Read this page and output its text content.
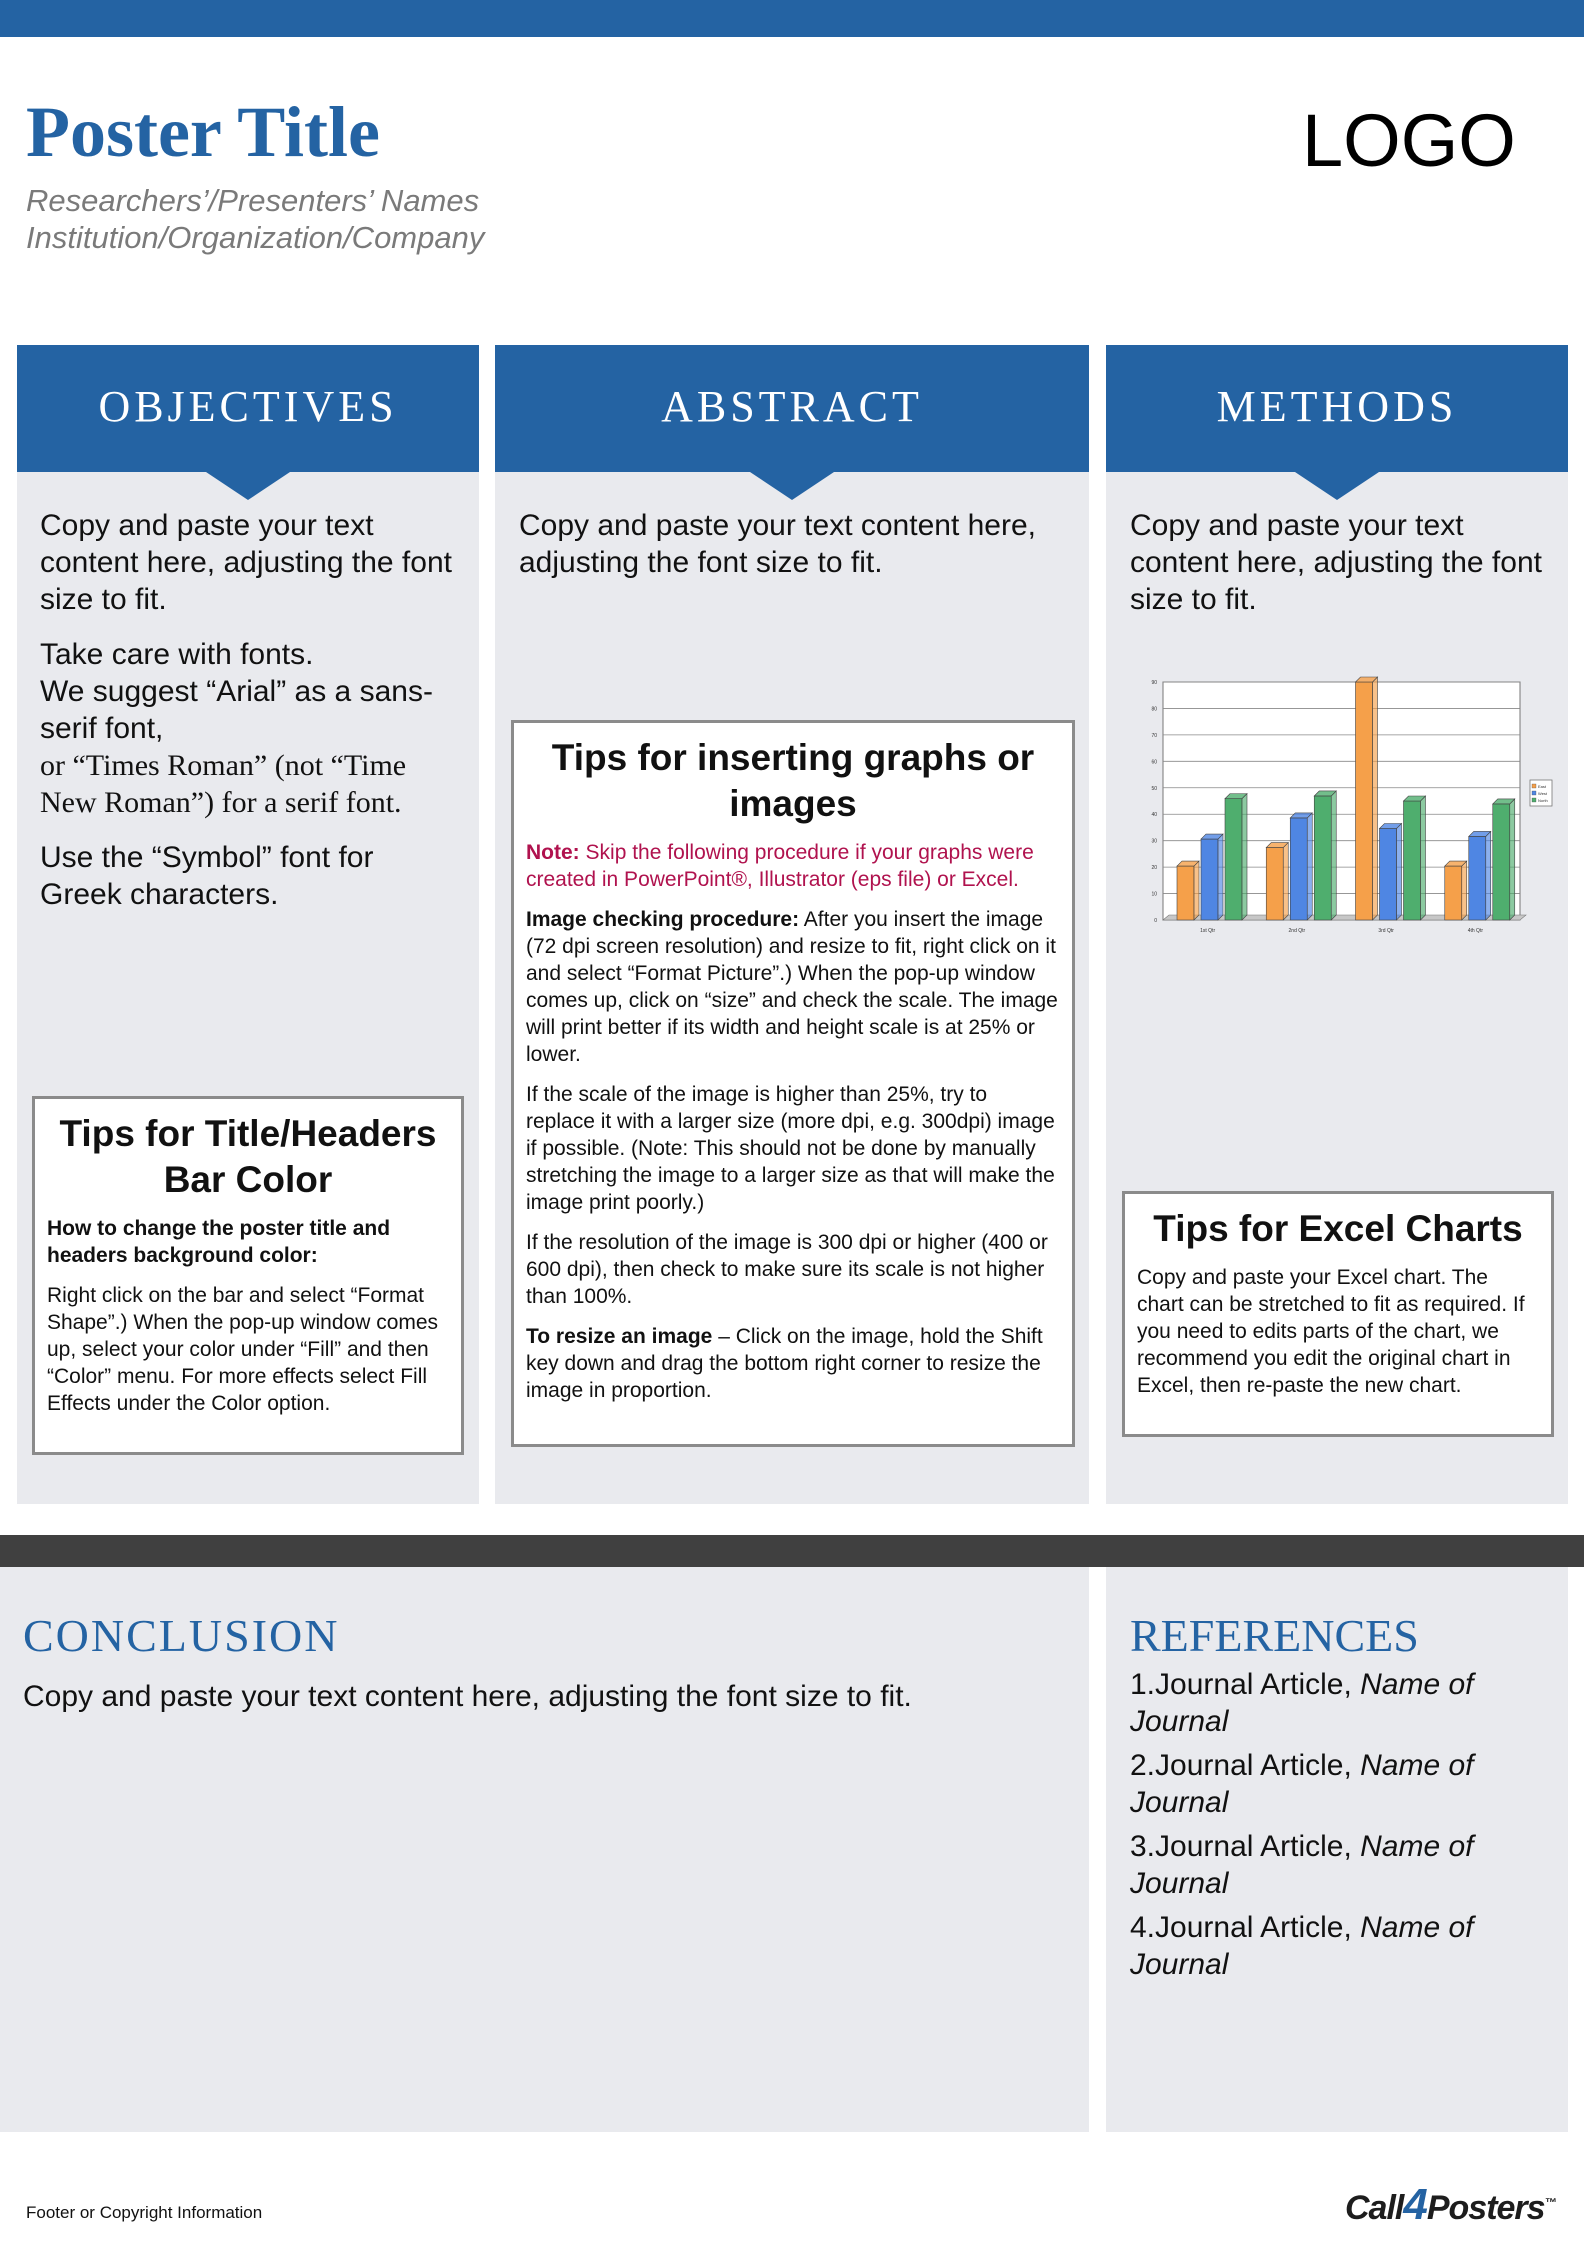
Poster Title
Researchers’/Presenters’ Names
Institution/Organization/Company
LOGO
OBJECTIVES

Copy and paste your text content here, adjusting the font size to fit.

Take care with fonts.

We suggest “Arial” as a sans-serif font,

or “Times Roman” (not “Time New Roman”) for a serif font.

Use the “Symbol” font for Greek characters.

Tips for Title/Headers Bar Color

How to change the poster title and headers background color:

Right click on the bar and select “Format Shape”.) When the pop-up window comes up, select your color under “Fill” and then “Color” menu. For more effects select Fill Effects under the Color option.

ABSTRACT
Copy and paste your text content here, adjusting the font size to fit.
Tips for inserting graphs or images

Note: Skip the following procedure if your graphs were created in PowerPoint®, Illustrator (eps file) or Excel.

Image checking procedure: After you insert the image (72 dpi screen resolution) and resize to fit, right click on it and select “Format Picture”.) When the pop-up window comes up, click on “size” and check the scale. The image will print better if its width and height scale is at 25% or lower.

If the scale of the image is higher than 25%, try to replace it with a larger size (more dpi, e.g. 300dpi) image if possible. (Note: This should not be done by manually stretching the image to a larger size as that will make the image print poorly.)

If the resolution of the image is 300 dpi or higher (400 or 600 dpi), then check to make sure its scale is not higher than 100%.

To resize an image – Click on the image, hold the Shift key down and drag the bottom right corner to resize the image in proportion.

METHODS
Copy and paste your text content here, adjusting the font size to fit.
Tips for Excel Charts

Copy and paste your Excel chart. The chart can be stretched to fit as required. If you need to edits parts of the chart, we recommend you edit the original chart in Excel, then re-paste the new chart.

0
10
20
30
40
50
60
70
80
90
1st Qtr	2nd Qtr	3rd Qtr	4th Qtr
East
West
North
CONCLUSION
Copy and paste your text content here, adjusting the font size to fit.
REFERENCES
1.Journal Article, Name of Journal
2.Journal Article, Name of Journal
3.Journal Article, Name of Journal
4.Journal Article, Name of Journal
Footer or Copyright Information	Call4Posters™
